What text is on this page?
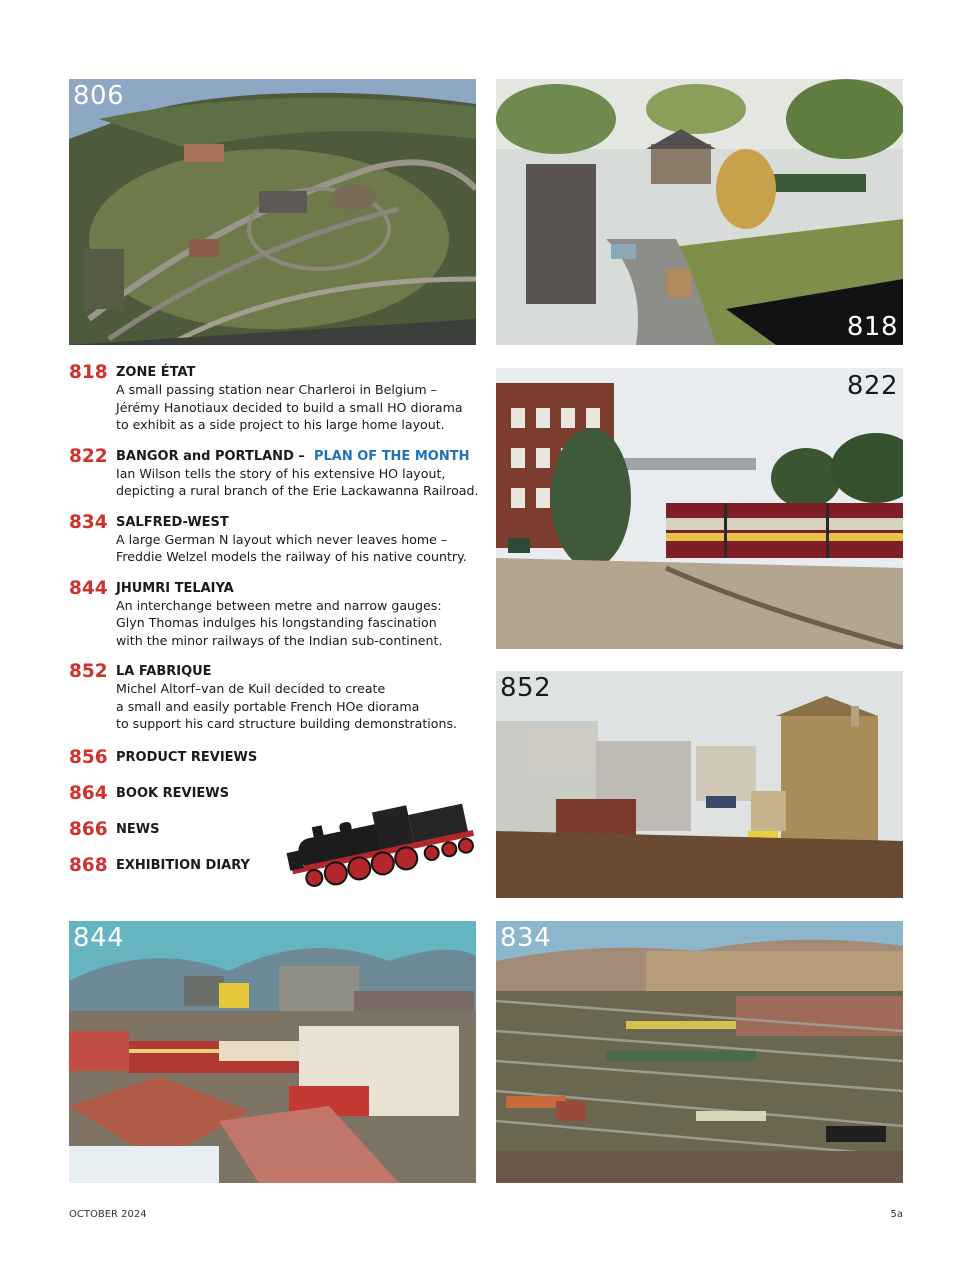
806
818
822
852
818 ZONE ÉTAT
A small passing station near Charleroi in Belgium –
Jérémy Hanotiaux decided to build a small HO diorama
to exhibit as a side project to his large home layout.
822 BANGOR and PORTLAND – PLAN OF THE MONTH
Ian Wilson tells the story of his extensive HO layout,
depicting a rural branch of the Erie Lackawanna Railroad.
834 SALFRED-WEST
A large German N layout which never leaves home –
Freddie Welzel models the railway of his native country.
844 JHUMRI TELAIYA
An interchange between metre and narrow gauges:
Glyn Thomas indulges his longstanding fascination
with the minor railways of the Indian sub-continent.
852 LA FABRIQUE
Michel Altorf–van de Kuil decided to create
a small and easily portable French HOe diorama
to support his card structure building demonstrations.
856 PRODUCT REVIEWS
864 BOOK REVIEWS
866 NEWS
868 EXHIBITION DIARY
844	834
OCTOBER 2024	5a
